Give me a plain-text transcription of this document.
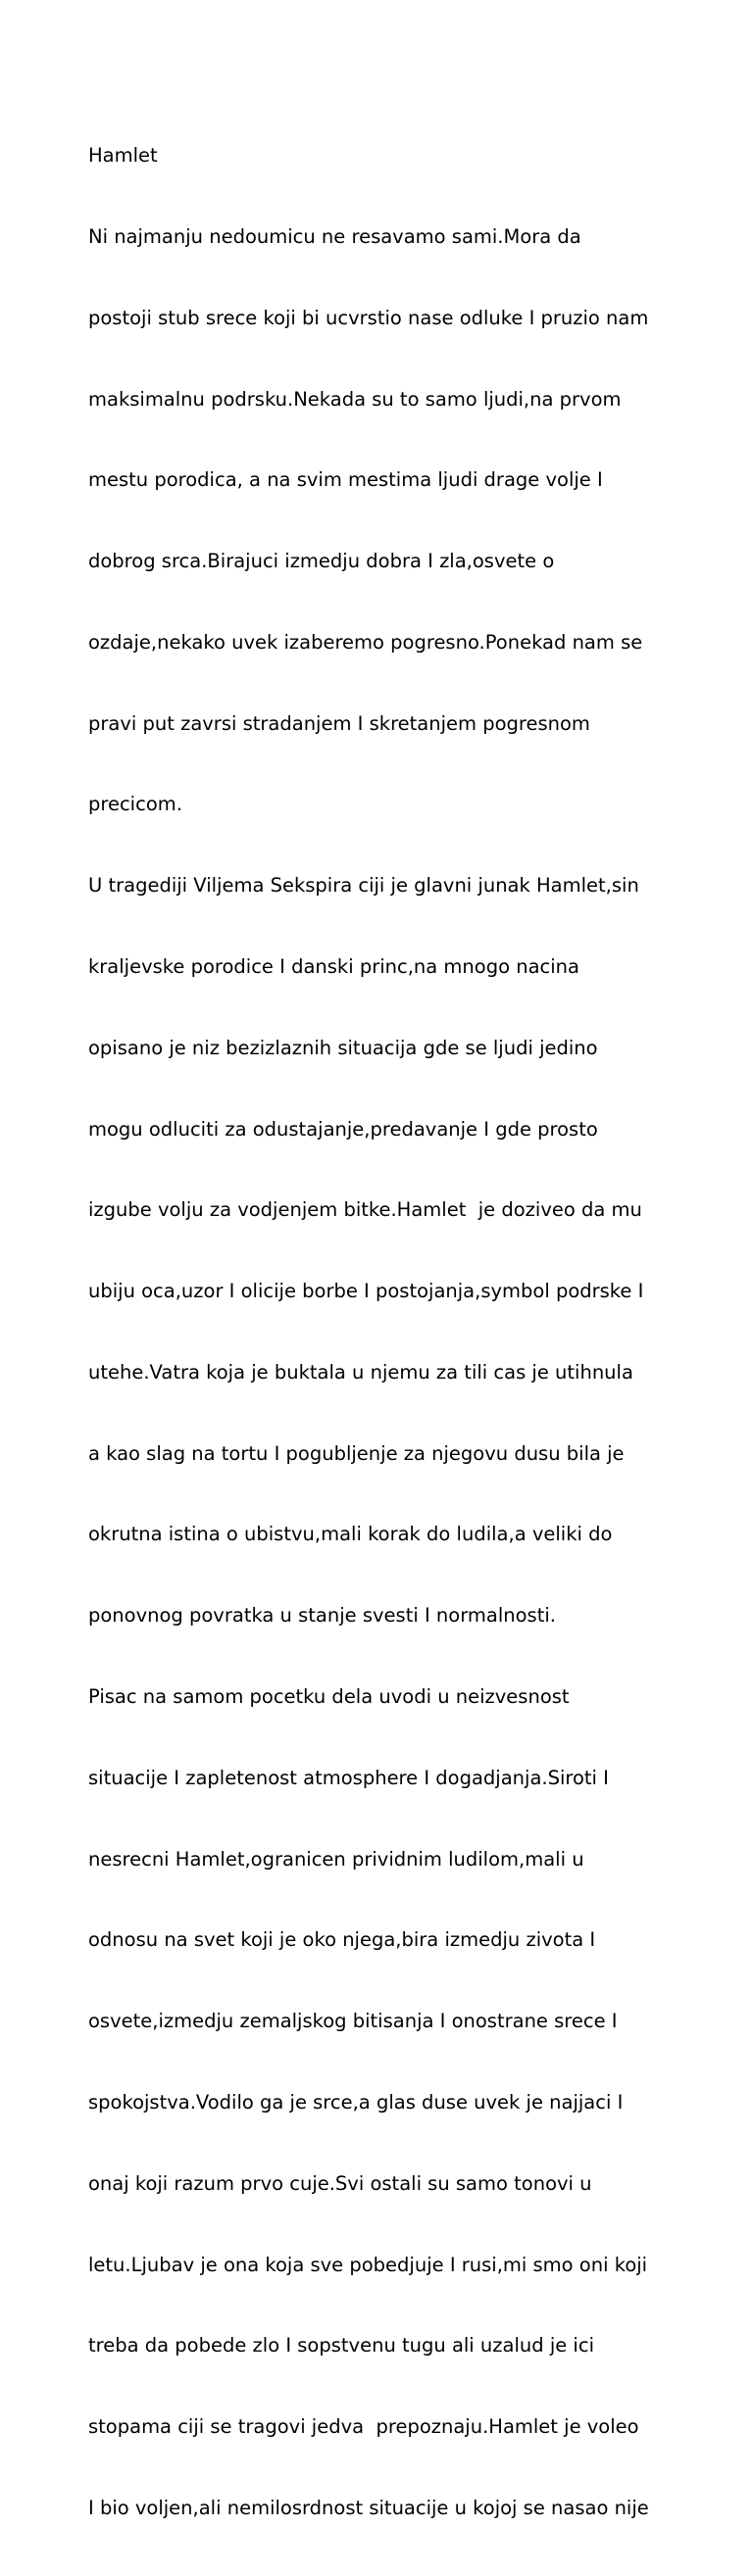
Hamlet

Ni najmanju nedoumicu ne resavamo sami.Mora da

postoji stub srece koji bi ucvrstio nase odluke I pruzio nam

maksimalnu podrsku.Nekada su to samo ljudi,na prvom

mestu porodica, a na svim mestima ljudi drage volje I

dobrog srca.Birajuci izmedju dobra I zla,osvete o

ozdaje,nekako uvek izaberemo pogresno.Ponekad nam se

pravi put zavrsi stradanjem I skretanjem pogresnom

precicom.

U tragediji Viljema Sekspira ciji je glavni junak Hamlet,sin

kraljevske porodice I danski princ,na mnogo nacina

opisano je niz bezizlaznih situacija gde se ljudi jedino

mogu odluciti za odustajanje,predavanje I gde prosto

izgube volju za vodjenjem bitke.Hamlet  je doziveo da mu

ubiju oca,uzor I olicije borbe I postojanja,symbol podrske I

utehe.Vatra koja je buktala u njemu za tili cas je utihnula

a kao slag na tortu I pogubljenje za njegovu dusu bila je

okrutna istina o ubistvu,mali korak do ludila,a veliki do

ponovnog povratka u stanje svesti I normalnosti.

Pisac na samom pocetku dela uvodi u neizvesnost

situacije I zapletenost atmosphere I dogadjanja.Siroti I

nesrecni Hamlet,ogranicen prividnim ludilom,mali u

odnosu na svet koji je oko njega,bira izmedju zivota I

osvete,izmedju zemaljskog bitisanja I onostrane srece I

spokojstva.Vodilo ga je srce,a glas duse uvek je najjaci I

onaj koji razum prvo cuje.Svi ostali su samo tonovi u

letu.Ljubav je ona koja sve pobedjuje I rusi,mi smo oni koji

treba da pobede zlo I sopstvenu tugu ali uzalud je ici

stopama ciji se tragovi jedva  prepoznaju.Hamlet je voleo

I bio voljen,ali nemilosrdnost situacije u kojoj se nasao nije
